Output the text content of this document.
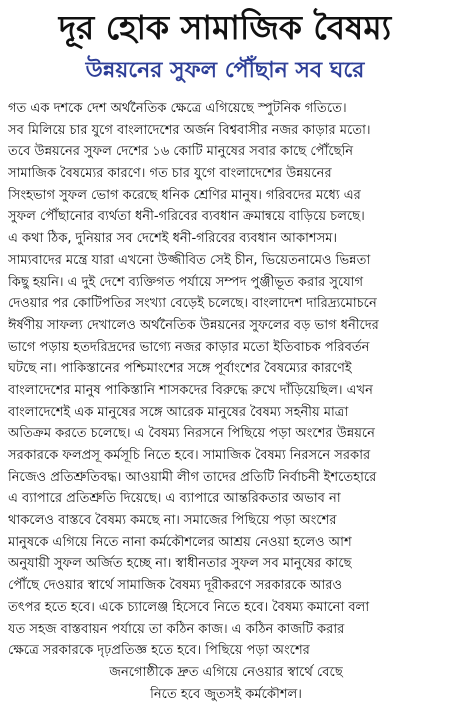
দূর হোক সামাজিক বৈষম্য
উন্নয়নের সুফল পৌঁছান সব ঘরে
গত এক দশকে দেশ অর্থনৈতিক ক্ষেত্রে এগিয়েছে স্পুটনিক গতিতে।
সব মিলিয়ে চার যুগে বাংলাদেশের অর্জন বিশ্ববাসীর নজর কাড়ার মতো।
তবে উন্নয়নের সুফল দেশের ১৬ কোটি মানুষের সবার কাছে পৌঁছেনি
সামাজিক বৈষম্যের কারণে। গত চার যুগে বাংলাদেশের উন্নয়নের
সিংহভাগ সুফল ভোগ করেছে ধনিক শ্রেণির মানুষ। গরিবদের মধ্যে এর
সুফল পৌঁছানোর ব্যর্থতা ধনী-গরিবের ব্যবধান ক্রমান্বয়ে বাড়িয়ে চলছে।
এ কথা ঠিক, দুনিয়ার সব দেশেই ধনী-গরিবের ব্যবধান আকাশসম।
সাম্যবাদের মন্ত্রে যারা এখনো উজ্জীবিত সেই চীন, ভিয়েতনামেও ভিন্নতা
কিছু হয়নি। এ দুই দেশে ব্যক্তিগত পর্যায়ে সম্পদ পুঞ্জীভূত করার সুযোগ
দেওয়ার পর কোটিপতির সংখ্যা বেড়েই চলেছে। বাংলাদেশ দারিদ্র্যমোচনে
ঈর্ষণীয় সাফল্য দেখালেও অর্থনৈতিক উন্নয়নের সুফলের বড় ভাগ ধনীদের
ভাগে পড়ায় হতদরিদ্রদের ভাগ্যে নজর কাড়ার মতো ইতিবাচক পরিবর্তন
ঘটছে না। পাকিস্তানের পশ্চিমাংশের সঙ্গে পূর্বাংশের বৈষম্যের কারণেই
বাংলাদেশের মানুষ পাকিস্তানি শাসকদের বিরুদ্ধে রুখে দাঁড়িয়েছিল। এখন
বাংলাদেশেই এক মানুষের সঙ্গে আরেক মানুষের বৈষম্য সহনীয় মাত্রা
অতিক্রম করতে চলেছে। এ বৈষম্য নিরসনে পিছিয়ে পড়া অংশের উন্নয়নে
সরকারকে ফলপ্রসূ কর্মসূচি নিতে হবে। সামাজিক বৈষম্য নিরসনে সরকার
নিজেও প্রতিশ্রুতিবদ্ধ। আওয়ামী লীগ তাদের প্রতিটি নির্বাচনী ইশতেহারে
এ ব্যাপারে প্রতিশ্রুতি দিয়েছে। এ ব্যাপারে আন্তরিকতার অভাব না
থাকলেও বাস্তবে বৈষম্য কমছে না। সমাজের পিছিয়ে পড়া অংশের
মানুষকে এগিয়ে নিতে নানা কর্মকৌশলের আশ্রয় নেওয়া হলেও আশ
অনুযায়ী সুফল অর্জিত হচ্ছে না। স্বাধীনতার সুফল সব মানুষের কাছে
পৌঁছে দেওয়ার স্বার্থে সামাজিক বৈষম্য দূরীকরণে সরকারকে আরও
তৎপর হতে হবে। একে চ্যালেঞ্জ হিসেবে নিতে হবে। বৈষম্য কমানো বলা
যত সহজ বাস্তবায়ন পর্যায়ে তা কঠিন কাজ। এ কঠিন কাজটি করার
ক্ষেত্রে সরকারকে দৃঢ়প্রতিজ্ঞ হতে হবে। পিছিয়ে পড়া অংশের
জনগোষ্ঠীকে দ্রুত এগিয়ে নেওয়ার স্বার্থে বেছে
নিতে হবে জুতসই কর্মকৌশল।
